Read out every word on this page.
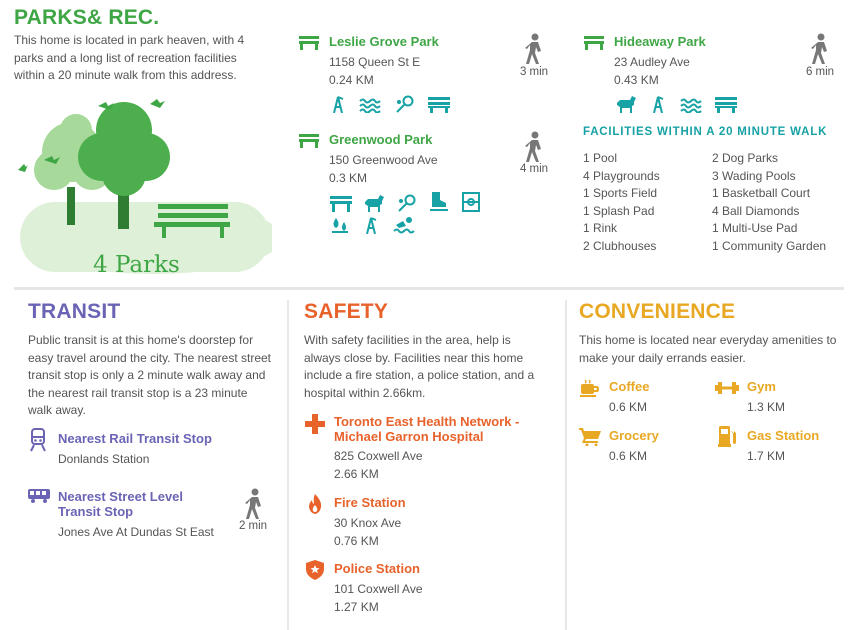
PARKS& REC.
This home is located in park heaven, with 4 parks and a long list of recreation facilities within a 20 minute walk from this address.
4 Parks
Leslie Grove Park
1158 Queen St E
0.24 KM
3 min

Greenwood Park
150 Greenwood Ave
0.3 KM
4 min

Hideaway Park
23 Audley Ave
0.43 KM
6 min

FACILITIES WITHIN A 20 MINUTE WALK
1 Pool
4 Playgrounds
1 Sports Field
1 Splash Pad
1 Rink
2 Clubhouses
2 Dog Parks
3 Wading Pools
1 Basketball Court
4 Ball Diamonds
1 Multi-Use Pad
1 Community Garden
TRANSIT
Public transit is at this home's doorstep for easy travel around the city. The nearest street transit stop is only a 2 minute walk away and the nearest rail transit stop is a 23 minute walk away.
Nearest Rail Transit Stop
Donlands Station
Nearest Street Level
Transit Stop
Jones Ave At Dundas St East	2 min
SAFETY
With safety facilities in the area, help is always close by. Facilities near this home include a fire station, a police station, and a hospital within 2.66km.
Toronto East Health Network -
Michael Garron Hospital
825 Coxwell Ave
2.66 KM
Fire Station
30 Knox Ave
0.76 KM
Police Station
101 Coxwell Ave
1.27 KM
CONVENIENCE
This home is located near everyday amenities to make your daily errands easier.
Coffee
0.6 KM
Gym
1.3 KM
Grocery
0.6 KM
Gas Station
1.7 KM
